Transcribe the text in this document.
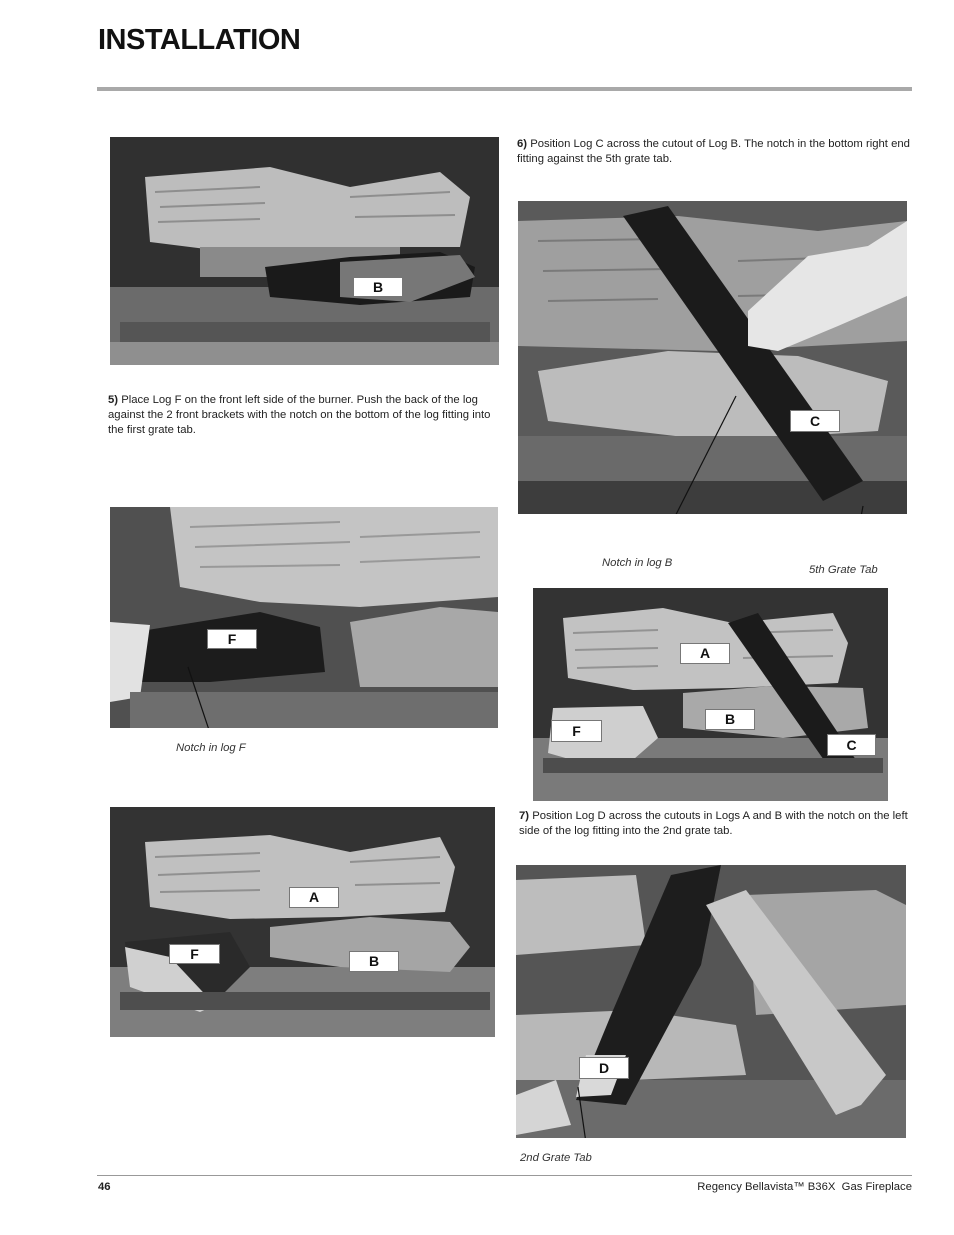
INSTALLATION
B
5) Place Log F on the front left side of the burner. Push the back of the log against the 2 front brackets with the notch on the bottom of the log fitting into the first grate tab.
F
Notch in log F
A
F	B
6) Position Log C across the cutout of Log B. The notch in the bottom right end fitting against the 5th grate tab.
C
Notch in log B
5th Grate Tab
A
B
F
C
7) Position Log D across the cutouts in Logs A and B with the notch on the left side of the log fitting into the 2nd grate tab.
D
2nd Grate Tab
46	Regency Bellavista™ B36X  Gas Fireplace
